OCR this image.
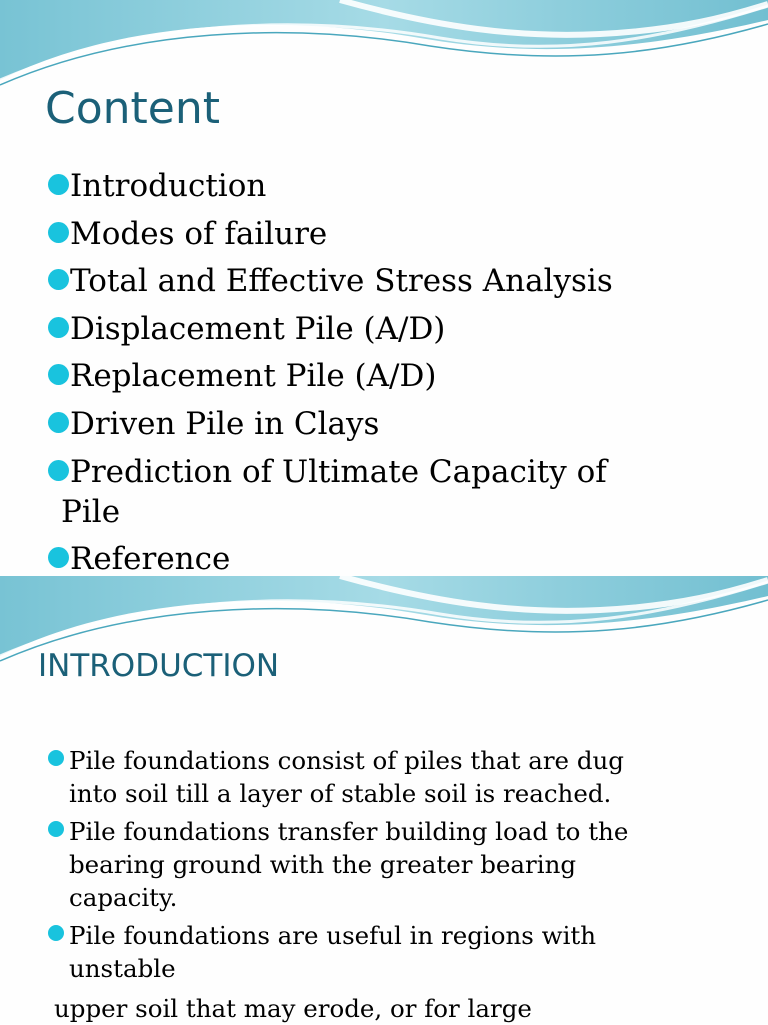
Content
Introduction
Modes of failure
Total and Effective Stress Analysis
Displacement Pile (A/D)
Replacement Pile (A/D)
Driven Pile in Clays
Prediction of Ultimate Capacity of
Pile
Reference
INTRODUCTION
Pile foundations consist of piles that are dug
into soil till a layer of stable soil is reached.
Pile foundations transfer building load to the
bearing ground with the greater bearing
capacity.
Pile foundations are useful in regions with
unstable

upper soil that may erode, or for large
